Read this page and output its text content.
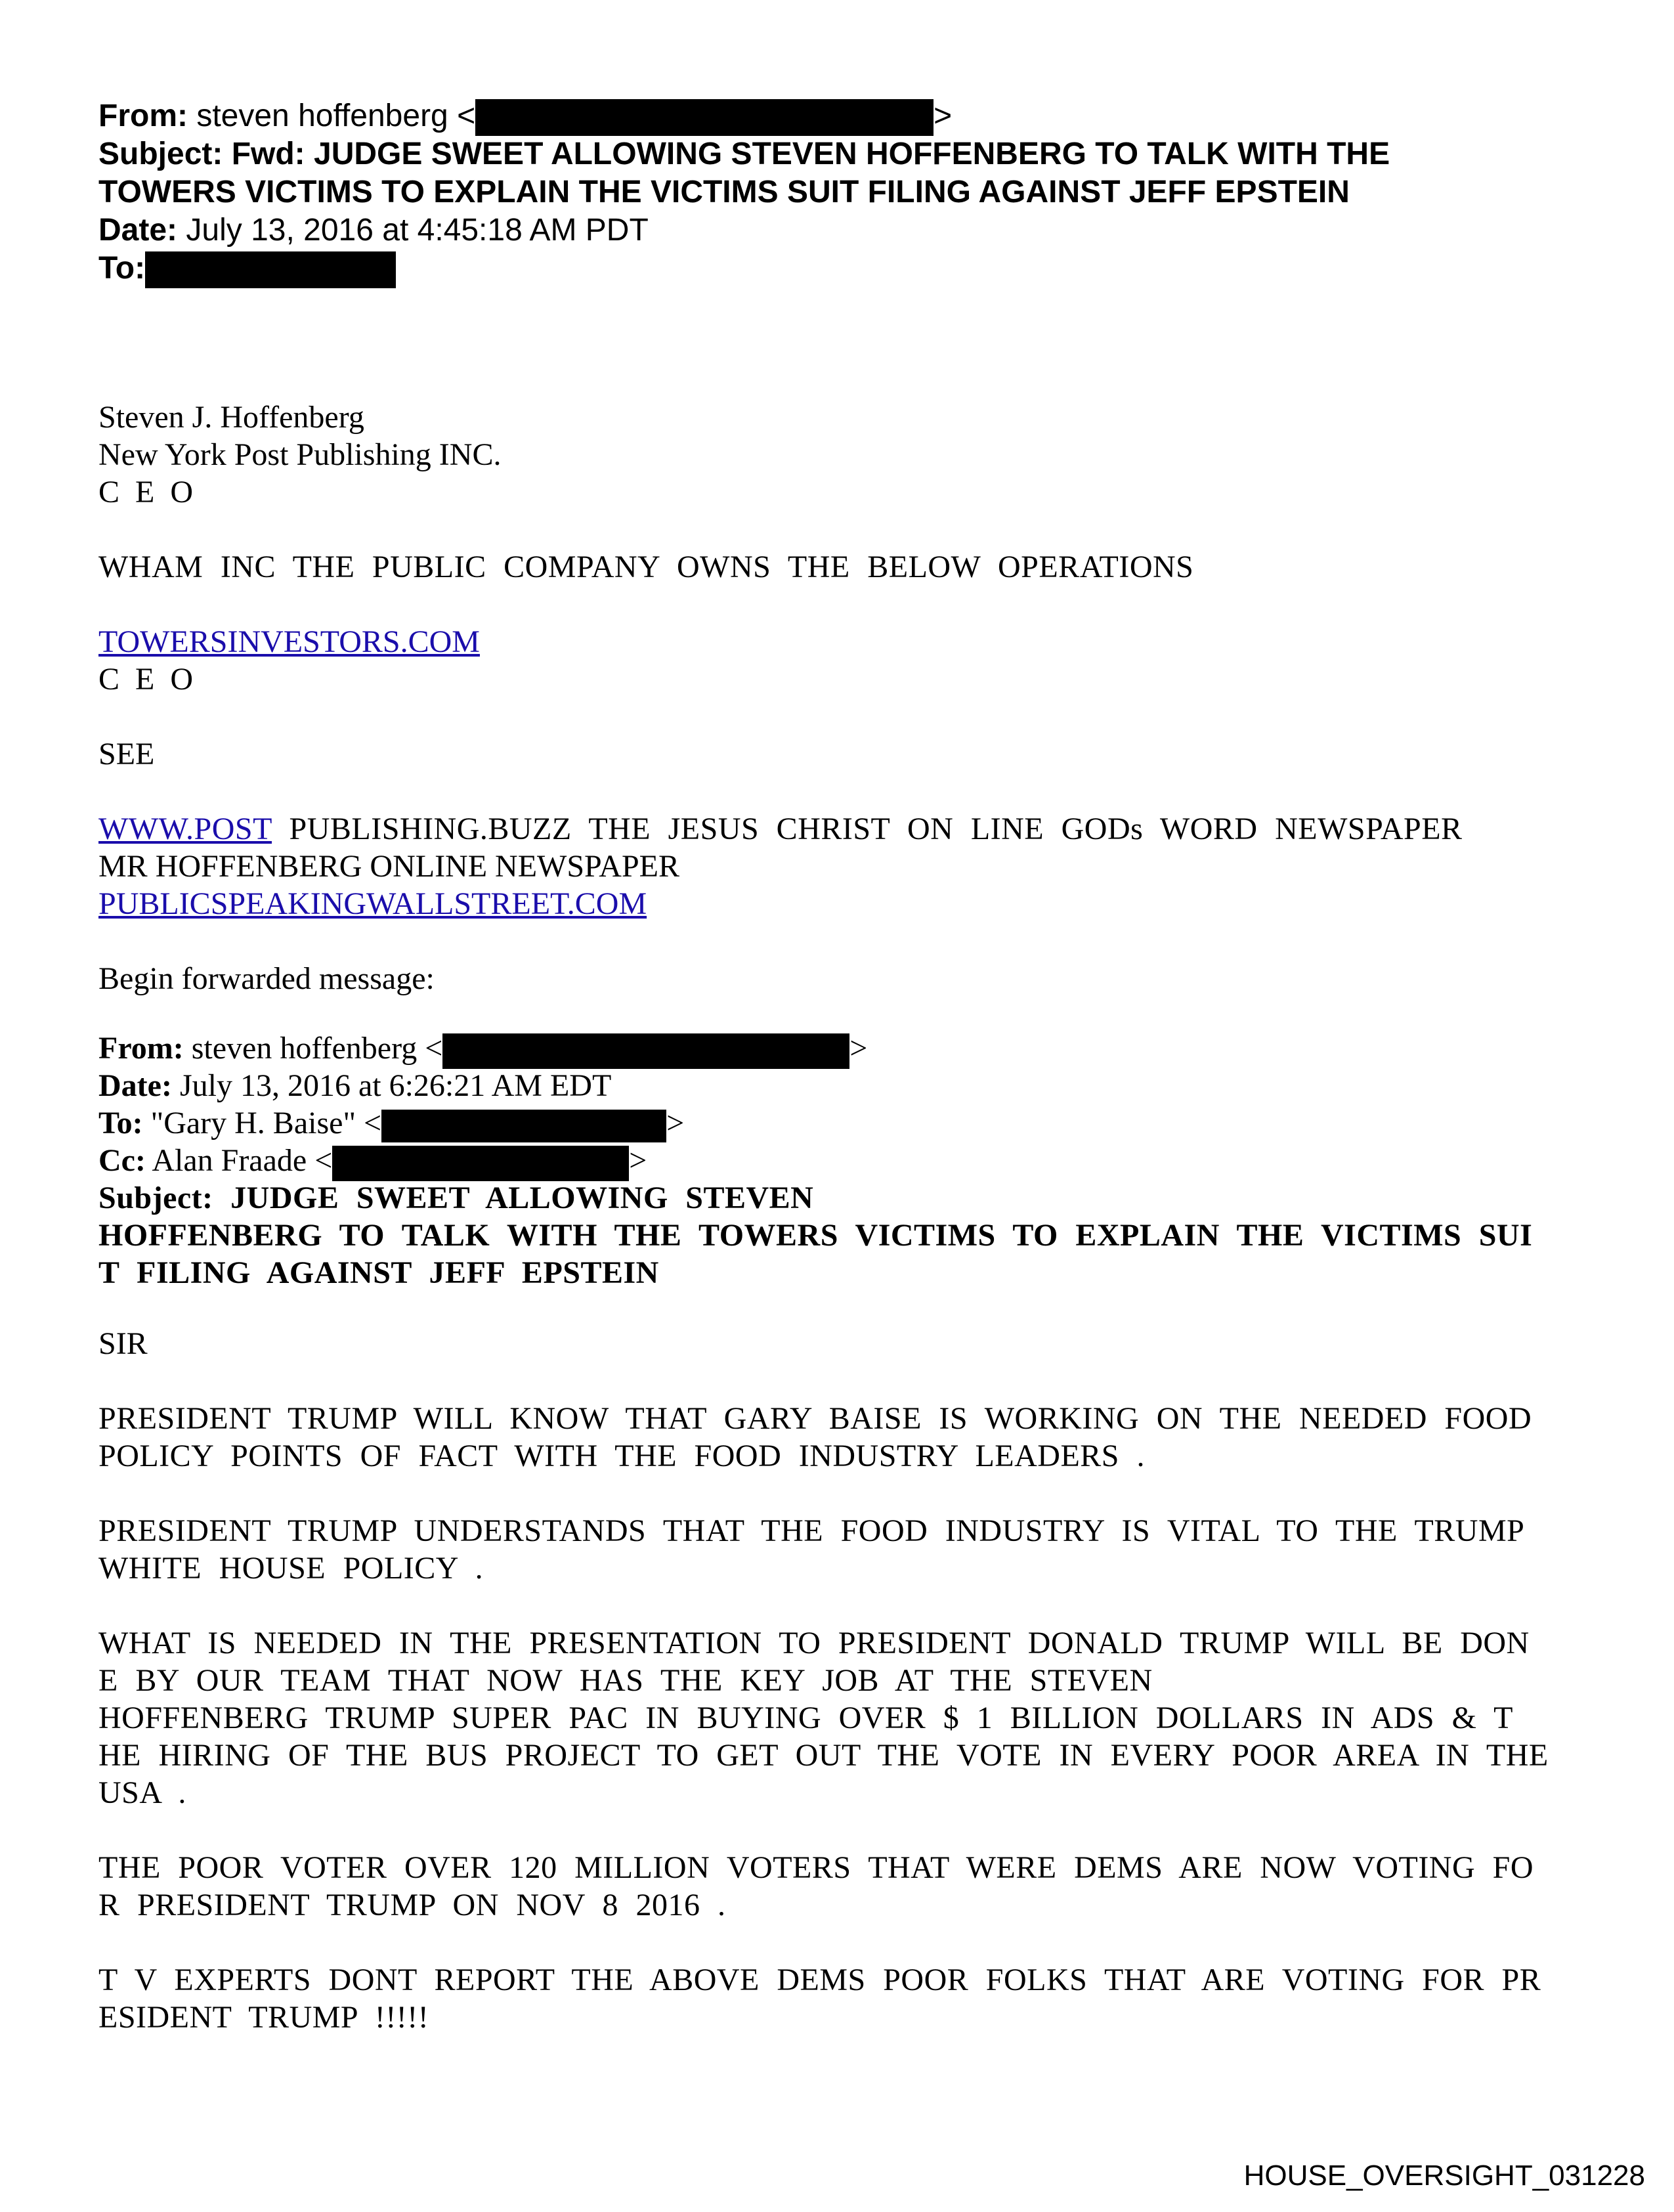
From: steven hoffenberg <	>
Subject: Fwd: JUDGE SWEET ALLOWING STEVEN HOFFENBERG TO TALK WITH THE
TOWERS VICTIMS TO EXPLAIN THE VICTIMS SUIT FILING AGAINST JEFF EPSTEIN
Date: July 13, 2016 at 4:45:18 AM PDT
To:
Steven J. Hoffenberg
New York Post Publishing INC.
C E O
WHAM INC THE PUBLIC COMPANY OWNS THE BELOW OPERATIONS
TOWERSINVESTORS.COM
C E O
SEE
WWW.POST PUBLISHING.BUZZ THE JESUS CHRIST ON LINE GODs WORD NEWSPAPER
MR HOFFENBERG ONLINE NEWSPAPER
PUBLICSPEAKINGWALLSTREET.COM
Begin forwarded message:
From: steven hoffenberg <	>
Date: July 13, 2016 at 6:26:21 AM EDT
To: "Gary H. Baise" <	>
Cc: Alan Fraade <	>
Subject: JUDGE SWEET ALLOWING STEVEN
HOFFENBERG TO TALK WITH THE TOWERS VICTIMS TO EXPLAIN THE VICTIMS SUI
T FILING AGAINST JEFF EPSTEIN
SIR
PRESIDENT TRUMP WILL KNOW THAT GARY BAISE IS WORKING ON THE NEEDED FOOD
POLICY POINTS OF FACT WITH THE FOOD INDUSTRY LEADERS .
PRESIDENT TRUMP UNDERSTANDS THAT THE FOOD INDUSTRY IS VITAL TO THE TRUMP
WHITE HOUSE POLICY .
WHAT IS NEEDED IN THE PRESENTATION TO PRESIDENT DONALD TRUMP WILL BE DON
E BY OUR TEAM THAT NOW HAS THE KEY JOB AT THE STEVEN
HOFFENBERG TRUMP SUPER PAC IN BUYING OVER $ 1 BILLION DOLLARS IN ADS & T
HE HIRING OF THE BUS PROJECT TO GET OUT THE VOTE IN EVERY POOR AREA IN THE
USA .
THE POOR VOTER OVER 120 MILLION VOTERS THAT WERE DEMS ARE NOW VOTING FO
R PRESIDENT TRUMP ON NOV 8 2016 .
T V EXPERTS DONT REPORT THE ABOVE DEMS POOR FOLKS THAT ARE VOTING FOR PR
ESIDENT TRUMP !!!!!
HOUSE_OVERSIGHT_031228
